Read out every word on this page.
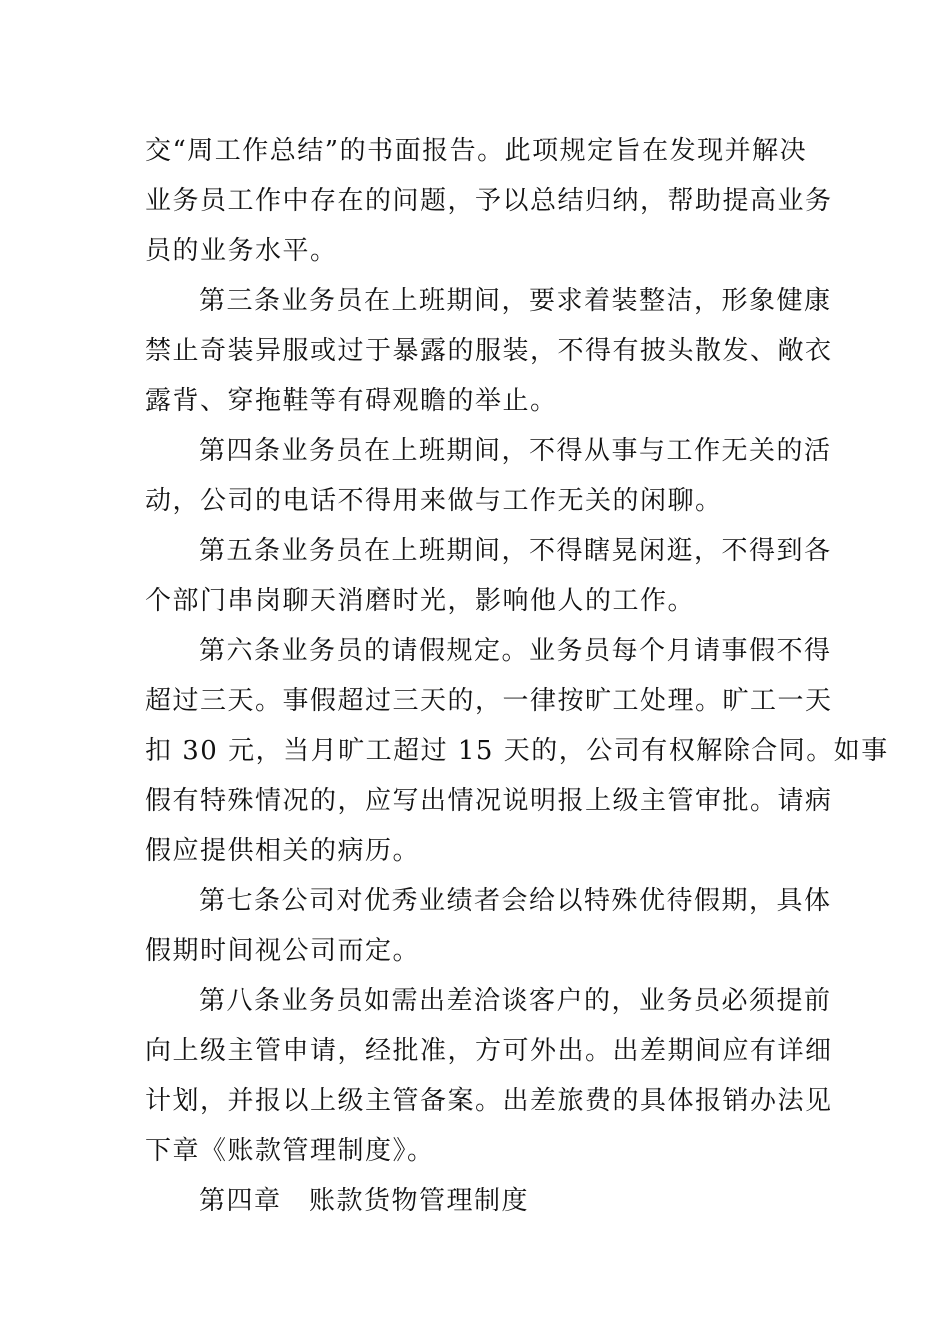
交“周工作总结”的书面报告。此项规定旨在发现并解决
业务员工作中存在的问题，予以总结归纳，帮助提高业务
员的业务水平。
第三条业务员在上班期间，要求着装整洁，形象健康
禁止奇装异服或过于暴露的服装，不得有披头散发、敞衣
露背、穿拖鞋等有碍观瞻的举止。
第四条业务员在上班期间，不得从事与工作无关的活
动，公司的电话不得用来做与工作无关的闲聊。
第五条业务员在上班期间，不得瞎晃闲逛，不得到各
个部门串岗聊天消磨时光，影响他人的工作。
第六条业务员的请假规定。业务员每个月请事假不得
超过三天。事假超过三天的，一律按旷工处理。旷工一天
扣 30 元，当月旷工超过 15 天的，公司有权解除合同。如事
假有特殊情况的，应写出情况说明报上级主管审批。请病
假应提供相关的病历。
第七条公司对优秀业绩者会给以特殊优待假期，具体
假期时间视公司而定。
第八条业务员如需出差洽谈客户的，业务员必须提前
向上级主管申请，经批准，方可外出。出差期间应有详细
计划，并报以上级主管备案。出差旅费的具体报销办法见
下章《账款管理制度》。
第四章　账款货物管理制度
